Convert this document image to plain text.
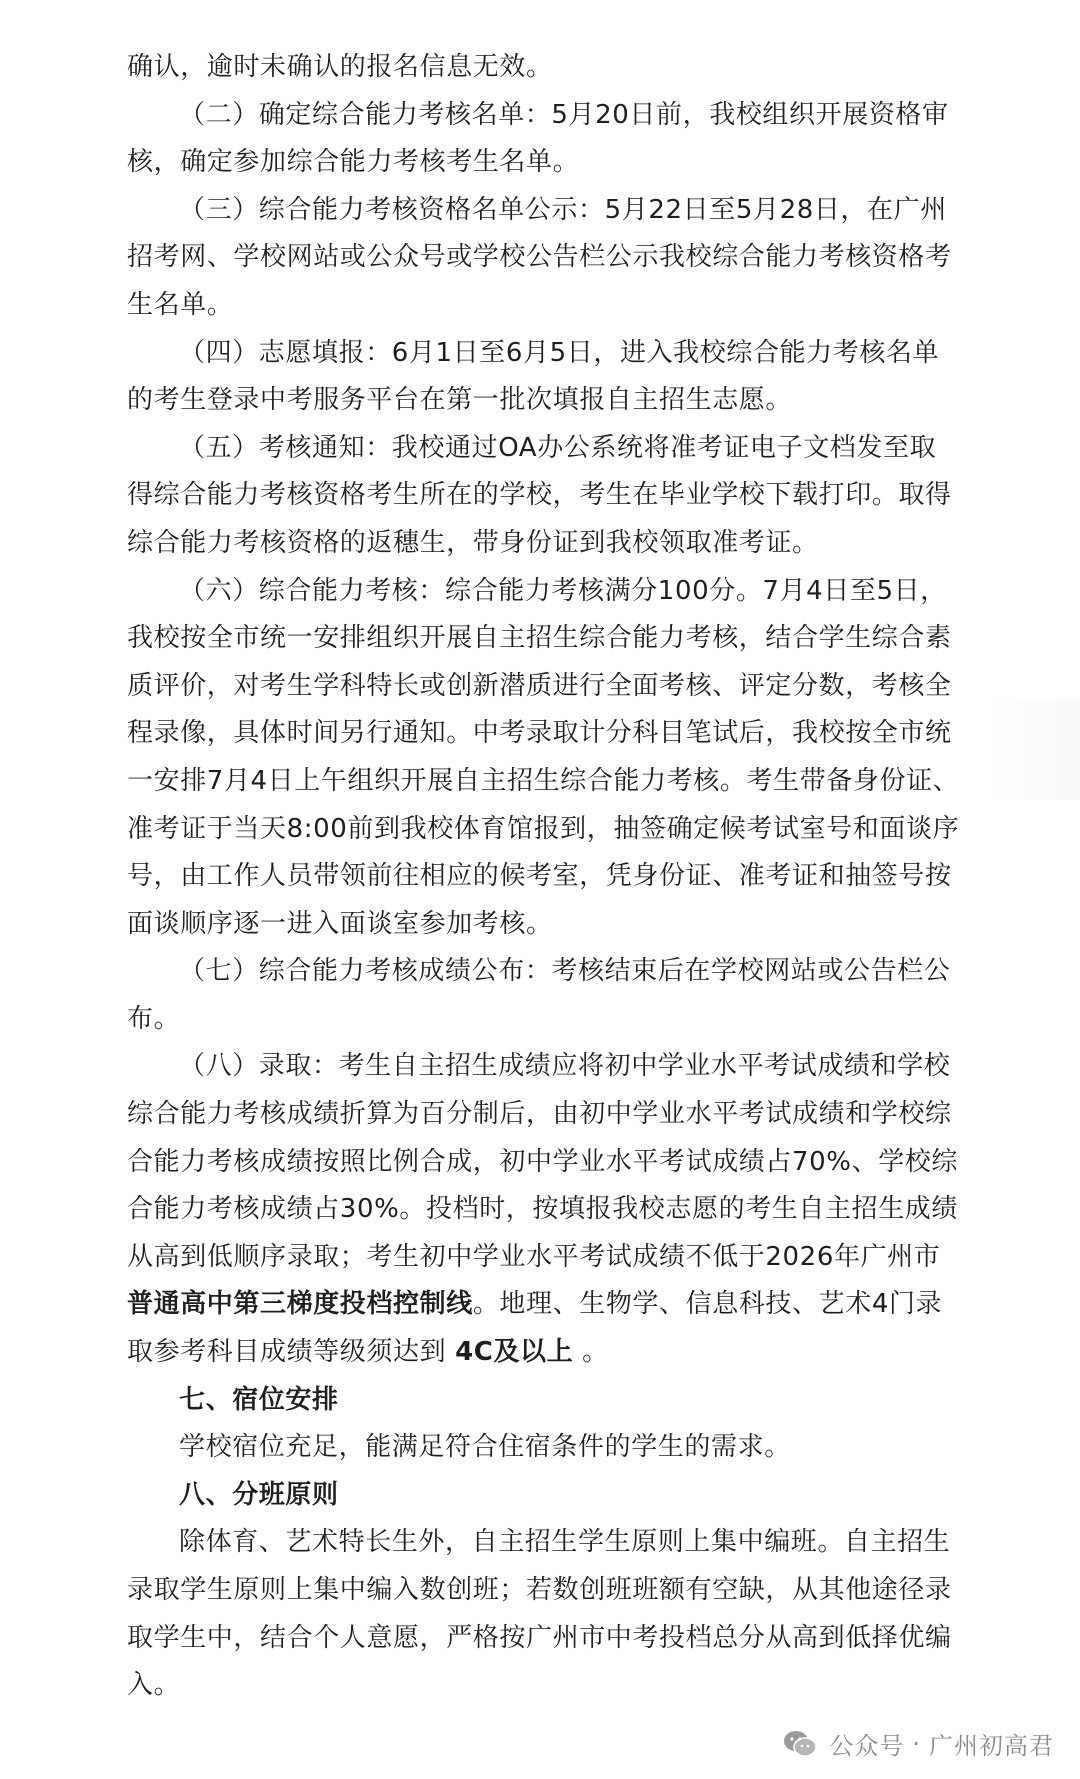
确认，逾时未确认的报名信息无效。
（二）确定综合能力考核名单：5月20日前，我校组织开展资格审
核，确定参加综合能力考核考生名单。
（三）综合能力考核资格名单公示：5月22日至5月28日，在广州
招考网、学校网站或公众号或学校公告栏公示我校综合能力考核资格考
生名单。
（四）志愿填报：6月1日至6月5日，进入我校综合能力考核名单
的考生登录中考服务平台在第一批次填报自主招生志愿。
（五）考核通知：我校通过OA办公系统将准考证电子文档发至取
得综合能力考核资格考生所在的学校，考生在毕业学校下载打印。取得
综合能力考核资格的返穗生，带身份证到我校领取准考证。
（六）综合能力考核：综合能力考核满分100分。7月4日至5日，
我校按全市统一安排组织开展自主招生综合能力考核，结合学生综合素
质评价，对考生学科特长或创新潜质进行全面考核、评定分数，考核全
程录像，具体时间另行通知。中考录取计分科目笔试后，我校按全市统
一安排7月4日上午组织开展自主招生综合能力考核。考生带备身份证、
准考证于当天8:00前到我校体育馆报到，抽签确定候考试室号和面谈序
号，由工作人员带领前往相应的候考室，凭身份证、准考证和抽签号按
面谈顺序逐一进入面谈室参加考核。
（七）综合能力考核成绩公布：考核结束后在学校网站或公告栏公
布。
（八）录取：考生自主招生成绩应将初中学业水平考试成绩和学校
综合能力考核成绩折算为百分制后，由初中学业水平考试成绩和学校综
合能力考核成绩按照比例合成，初中学业水平考试成绩占70%、学校综
合能力考核成绩占30%。投档时，按填报我校志愿的考生自主招生成绩
从高到低顺序录取；考生初中学业水平考试成绩不低于2026年广州市
普通高中第三梯度投档控制线。地理、生物学、信息科技、艺术4门录
取参考科目成绩等级须达到 4C及以上 。
七、宿位安排
学校宿位充足，能满足符合住宿条件的学生的需求。
八、分班原则
除体育、艺术特长生外，自主招生学生原则上集中编班。自主招生
录取学生原则上集中编入数创班；若数创班班额有空缺，从其他途径录
取学生中，结合个人意愿，严格按广州市中考投档总分从高到低择优编
入。
公众号 · 广州初高君
